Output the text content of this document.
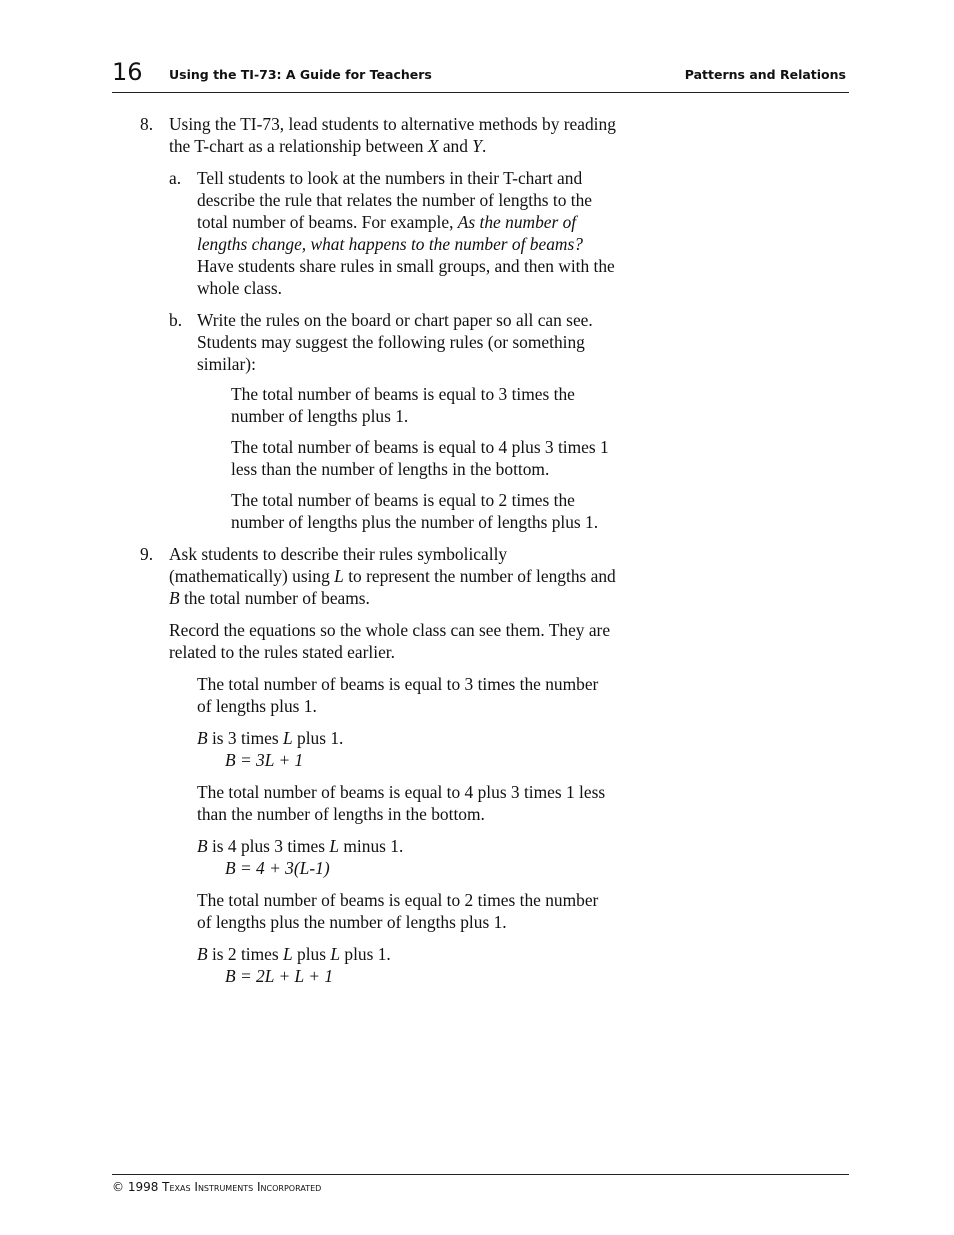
16 Using the TI-73: A Guide for Teachers	Patterns and Relations
8. Using the TI-73, lead students to alternative methods by reading the T-chart as a relationship between X and Y.
a. Tell students to look at the numbers in their T-chart and describe the rule that relates the number of lengths to the total number of beams. For example, As the number of lengths change, what happens to the number of beams? Have students share rules in small groups, and then with the whole class.
b. Write the rules on the board or chart paper so all can see. Students may suggest the following rules (or something similar):
The total number of beams is equal to 3 times the number of lengths plus 1.
The total number of beams is equal to 4 plus 3 times 1 less than the number of lengths in the bottom.
The total number of beams is equal to 2 times the number of lengths plus the number of lengths plus 1.
9. Ask students to describe their rules symbolically (mathematically) using L to represent the number of lengths and B the total number of beams.
Record the equations so the whole class can see them. They are related to the rules stated earlier.
The total number of beams is equal to 3 times the number of lengths plus 1.
B is 3 times L plus 1.
B = 3L + 1
The total number of beams is equal to 4 plus 3 times 1 less than the number of lengths in the bottom.
B is 4 plus 3 times L minus 1.
B = 4 + 3(L-1)
The total number of beams is equal to 2 times the number of lengths plus the number of lengths plus 1.
B is 2 times L plus L plus 1.
B = 2L + L + 1
© 1998 Texas Instruments Incorporated
